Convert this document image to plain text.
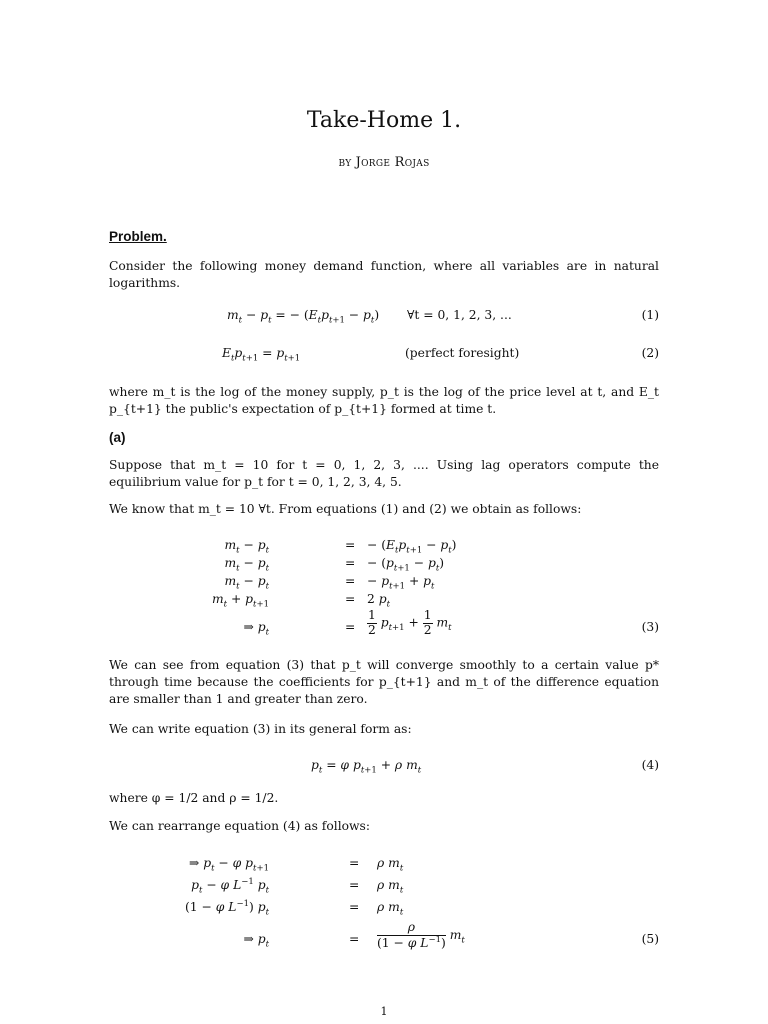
Take-Home 1.
by Jorge Rojas
Problem.
Consider the following money demand function, where all variables are in natural logarithms.
$m_t - p_t$ = − $(E_tp_{t+1} - p_t)$ ∀t = 0, 1, 2, 3, ...	(1)
$E_tp_{t+1} = p_{t+1}$	(perfect foresight)	(2)
where m_t is the log of the money supply, p_t is the log of the price level at t, and E_t p_{t+1} the public's expectation of p_{t+1} formed at time t.
(a)
Suppose that m_t = 10 for t = 0, 1, 2, 3, .... Using lag operators compute the equilibrium value for p_t for t = 0, 1, 2, 3, 4, 5.
We know that m_t = 10 ∀t. From equations (1) and (2) we obtain as follows:
$m_t - p_t$	= − $(E_tp_{t+1} - p_t)$
$m_t - p_t$	= − $(p_{t+1} - p_t)$
$m_t - p_t$	= − $p_{t+1} + p_t$
$m_t + p_{t+1}$	= 2 $p_t$
⇒ $p_t$	= $\frac{1}{2} p_{t+1} + \frac{1}{2} m_t$	(3)
We can see from equation (3) that p_t will converge smoothly to a certain value p* through time because the coefficients for p_{t+1} and m_t of the difference equation are smaller than 1 and greater than zero.
We can write equation (3) in its general form as:
$p_t = \varphi$ $p_{t+1} + \rho$ $m_t$	(4)
where φ = 1/2 and ρ = 1/2.
We can rearrange equation (4) as follows:
⇒ $p_t - \varphi$ $p_{t+1}$	= ρ $m_t$
$p_t - \varphi$ $L^{-1}$ $p_t$	= ρ $m_t$
(1 − φ $L^{-1}$) $p_t$	= ρ $m_t$
⇒ $p_t$	= $\frac{\rho}{(1 - \varphi L^{-1})} m_t$	(5)
1
